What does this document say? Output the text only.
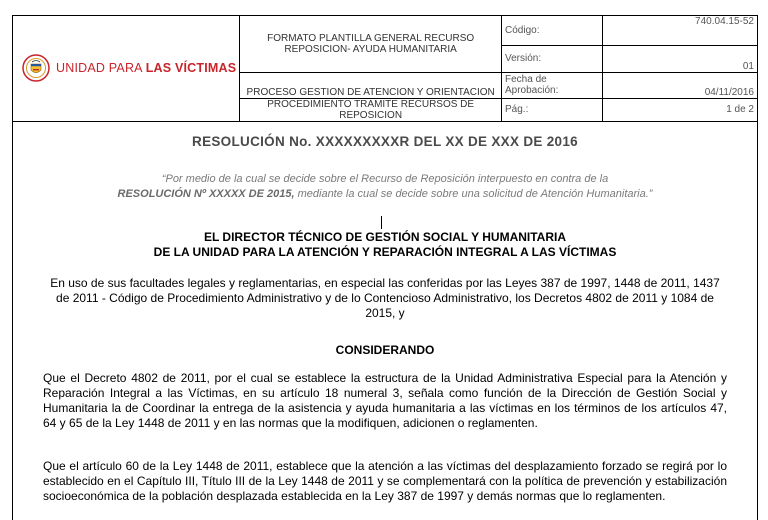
UNIDAD PARA LAS VÍCTIMAS	FORMATO PLANTILLA GENERAL RECURSO REPOSICION- AYUDA HUMANITARIA	Código:	740.04.15-52
		Versión:	01
	PROCESO GESTION DE ATENCION Y ORIENTACION	Fecha de Aprobación:	04/11/2016
	PROCEDIMIENTO TRAMITE RECURSOS DE REPOSICION	Pág.:	1 de 2
RESOLUCIÓN No. XXXXXXXXXR DEL XX DE XXX DE 2016
“Por medio de la cual se decide sobre el Recurso de Reposición interpuesto en contra de la
RESOLUCIÓN Nº XXXXX DE 2015, mediante la cual se decide sobre una solicitud de Atención Humanitaria.”
EL DIRECTOR TÉCNICO DE GESTIÓN SOCIAL Y HUMANITARIA
DE LA UNIDAD PARA LA ATENCIÓN Y REPARACIÓN INTEGRAL A LAS VÍCTIMAS
En uso de sus facultades legales y reglamentarias, en especial las conferidas por las Leyes 387 de 1997, 1448 de 2011, 1437 de 2011 - Código de Procedimiento Administrativo y de lo Contencioso Administrativo, los Decretos 4802 de 2011 y 1084 de 2015, y
CONSIDERANDO
Que el Decreto 4802 de 2011, por el cual se establece la estructura de la Unidad Administrativa Especial para la Atención y Reparación Integral a las Víctimas, en su artículo 18 numeral 3, señala como función de la Dirección de Gestión Social y Humanitaria la de Coordinar la entrega de la asistencia y ayuda humanitaria a las víctimas en los términos de los artículos 47, 64 y 65 de la Ley 1448 de 2011 y en las normas que la modifiquen, adicionen o reglamenten.
Que el artículo 60 de la Ley 1448 de 2011, establece que la atención a las víctimas del desplazamiento forzado se regirá por lo establecido en el Capítulo III, Título III de la Ley 1448 de 2011 y se complementará con la política de prevención y estabilización socioeconómica de la población desplazada establecida en la Ley 387 de 1997 y demás normas que lo reglamenten.
